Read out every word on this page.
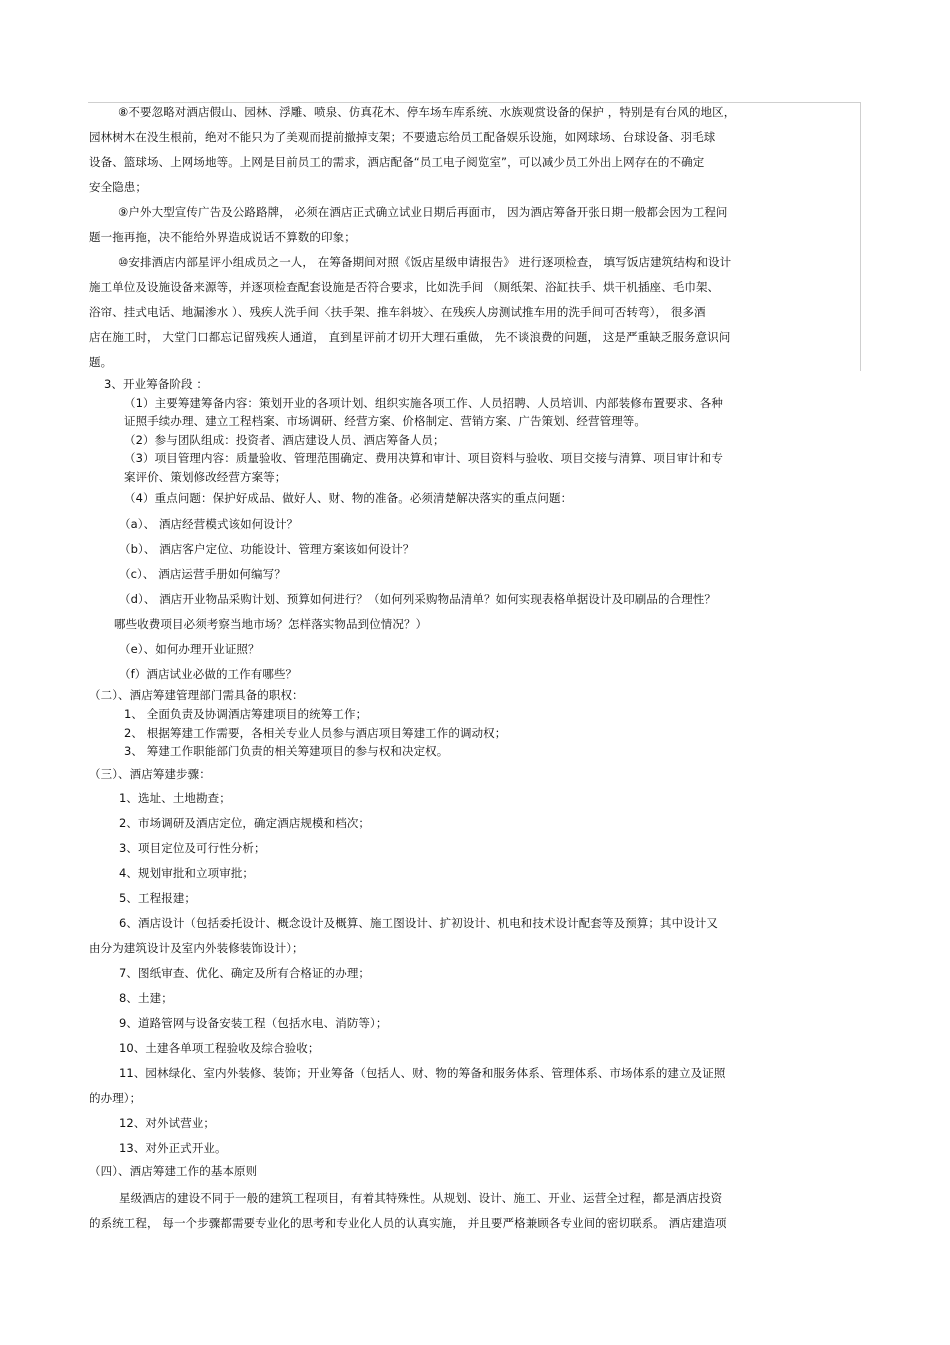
⑧不要忽略对酒店假山、园林、浮雕、喷泉、仿真花木、停车场车库系统、水族观赏设备的保护 ，特别是有台风的地区，
园林树木在没生根前，绝对不能只为了美观而提前撤掉支架；不要遗忘给员工配备娱乐设施，如网球场、台球设备、羽毛球
设备、篮球场、上网场地等。上网是目前员工的需求，酒店配备“员工电子阅览室”，可以减少员工外出上网存在的不确定
安全隐患；
⑨户外大型宣传广告及公路路牌， 必须在酒店正式确立试业日期后再面市， 因为酒店筹备开张日期一般都会因为工程问
题一拖再拖，决不能给外界造成说话不算数的印象；
⑩安排酒店内部星评小组成员之一人， 在筹备期间对照《饭店星级申请报告》 进行逐项检查， 填写饭店建筑结构和设计
施工单位及设施设备来源等，并逐项检查配套设施是否符合要求，比如洗手间 （厕纸架、浴缸扶手、烘干机插座、毛巾架、
浴帘、挂式电话、地漏渗水 ）、残疾人洗手间〈扶手架、推车斜坡〉、在残疾人房测试推车用的洗手间可否转弯）， 很多酒
店在施工时， 大堂门口都忘记留残疾人通道， 直到星评前才切开大理石重做， 先不谈浪费的问题， 这是严重缺乏服务意识问
题。
3、开业筹备阶段 ：
（1）主要筹建筹备内容：策划开业的各项计划、组织实施各项工作、人员招聘、人员培训、内部装修布置要求、各种
证照手续办理、建立工程档案、市场调研、经营方案、价格制定、营销方案、广告策划、经营管理等。
（2）参与团队组成：投资者、酒店建设人员、酒店筹备人员；
（3）项目管理内容：质量验收、管理范围确定、费用决算和审计、项目资料与验收、项目交接与清算、项目审计和专
案评价、策划修改经营方案等；
（4）重点问题：保护好成品、做好人、财、物的准备。必须清楚解决落实的重点问题：
（a）、 酒店经营模式该如何设计？
（b）、 酒店客户定位、功能设计、管理方案该如何设计？
（c）、 酒店运营手册如何编写？
（d）、 酒店开业物品采购计划、预算如何进行？（如何列采购物品清单？如何实现表格单据设计及印刷品的合理性？
哪些收费项目必须考察当地市场？怎样落实物品到位情况？）
（e）、如何办理开业证照？
（f）酒店试业必做的工作有哪些？
（二）、酒店筹建管理部门需具备的职权：
1、 全面负责及协调酒店筹建项目的统筹工作；
2、 根据筹建工作需要，各相关专业人员参与酒店项目筹建工作的调动权；
3、 筹建工作职能部门负责的相关筹建项目的参与权和决定权。
（三）、酒店筹建步骤：
1、选址、土地勘查；
2、市场调研及酒店定位，确定酒店规模和档次；
3、项目定位及可行性分析；
4、规划审批和立项审批；
5、工程报建；
6、酒店设计（包括委托设计、概念设计及概算、施工图设计、扩初设计、机电和技术设计配套等及预算；其中设计又
由分为建筑设计及室内外装修装饰设计）；
7、图纸审查、优化、确定及所有合格证的办理；
8、土建；
9、道路管网与设备安装工程（包括水电、消防等）；
10、土建各单项工程验收及综合验收；
11、园林绿化、室内外装修、装饰；开业筹备（包括人、财、物的筹备和服务体系、管理体系、市场体系的建立及证照
的办理）；
12、对外试营业；
13、对外正式开业。
（四）、酒店筹建工作的基本原则
星级酒店的建设不同于一般的建筑工程项目，有着其特殊性。从规划、设计、施工、开业、运营全过程，都是酒店投资
的系统工程， 每一个步骤都需要专业化的思考和专业化人员的认真实施， 并且要严格兼顾各专业间的密切联系。 酒店建造项
